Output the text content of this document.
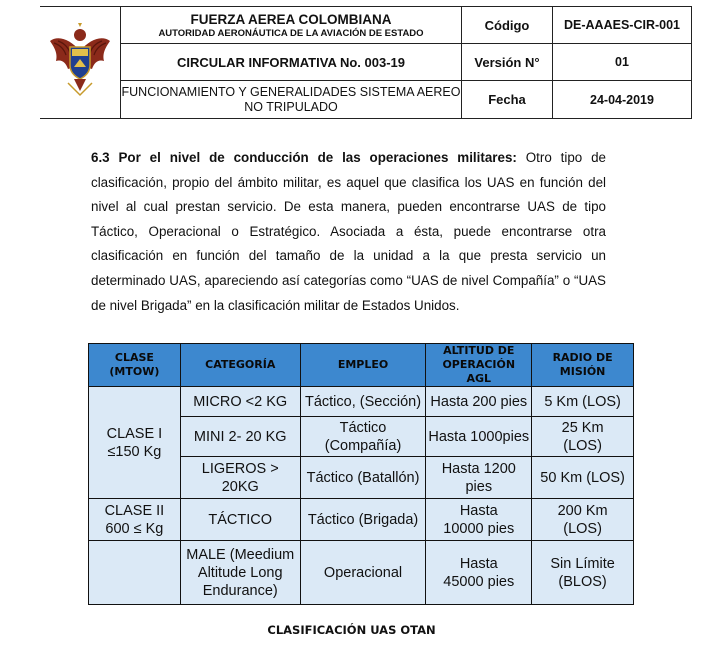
FUERZA AEREA COLOMBIANA
AUTORIDAD AERONÁUTICA DE LA AVIACIÓN DE ESTADO	Código	DE-AAAES-CIR-001
	CIRCULAR INFORMATIVA No. 003-19	Versión N°	01
	FUNCIONAMIENTO Y GENERALIDADES SISTEMA AEREO NO TRIPULADO	Fecha	24-04-2019
6.3 Por el nivel de conducción de las operaciones militares: Otro tipo de clasificación, propio del ámbito militar, es aquel que clasifica los UAS en función del nivel al cual prestan servicio. De esta manera, pueden encontrarse UAS de tipo Táctico, Operacional o Estratégico. Asociada a ésta, puede encontrarse otra clasificación en función del tamaño de la unidad a la que presta servicio un determinado UAS, apareciendo así categorías como “UAS de nivel Compañía” o “UAS de nivel Brigada” en la clasificación militar de Estados Unidos.
CLASE (MTOW)	CATEGORÍA	EMPLEO	ALTITUD DE OPERACIÓN AGL	RADIO DE MISIÓN
CLASE I ≤150 Kg	MICRO <2 KG	Táctico, (Sección)	Hasta 200 pies	5 Km (LOS)
	MINI 2- 20 KG	Táctico (Compañía)	Hasta 1000pies	25 Km (LOS)
	LIGEROS > 20KG	Táctico (Batallón)	Hasta 1200 pies	50 Km (LOS)
CLASE II 600 ≤ Kg	TÁCTICO	Táctico (Brigada)	Hasta 10000 pies	200 Km (LOS)
	MALE (Meedium Altitude Long Endurance)	Operacional	Hasta 45000 pies	Sin Límite (BLOS)
CLASIFICACIÓN UAS OTAN
